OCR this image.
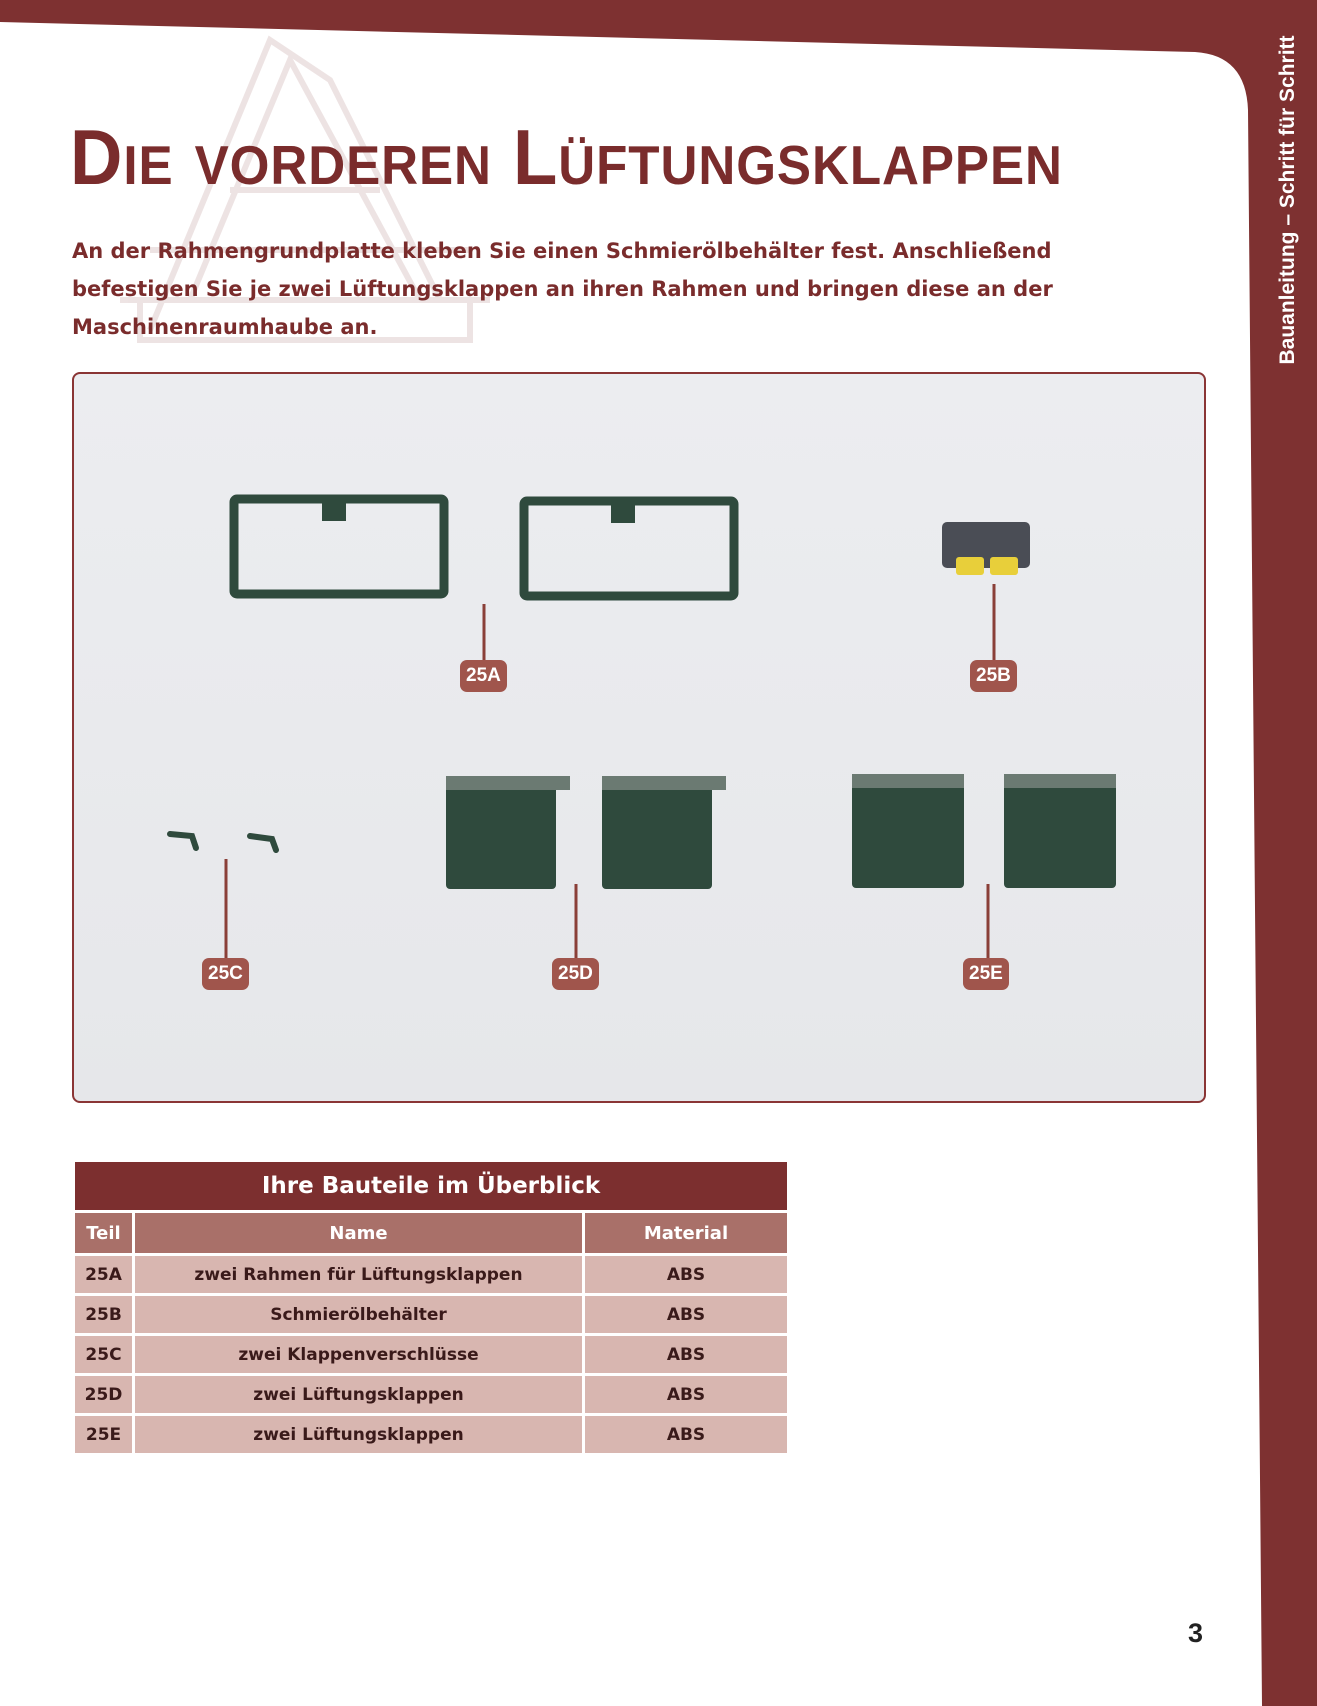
Bauanleitung – Schritt für Schritt
Die vorderen Lüftungsklappen

An der Rahmengrundplatte kleben Sie einen Schmierölbehälter fest. Anschließend befestigen Sie je zwei Lüftungsklappen an ihren Rahmen und bringen diese an der Maschinenraumhaube an.

25A	25B
25C	25D	25E
Ihre Bauteile im Überblick		
Teil	Name	Material
25A	zwei Rahmen für Lüftungsklappen	ABS
25B	Schmierölbehälter	ABS
25C	zwei Klappenverschlüsse	ABS
25D	zwei Lüftungsklappen	ABS
25E	zwei Lüftungsklappen	ABS
3
